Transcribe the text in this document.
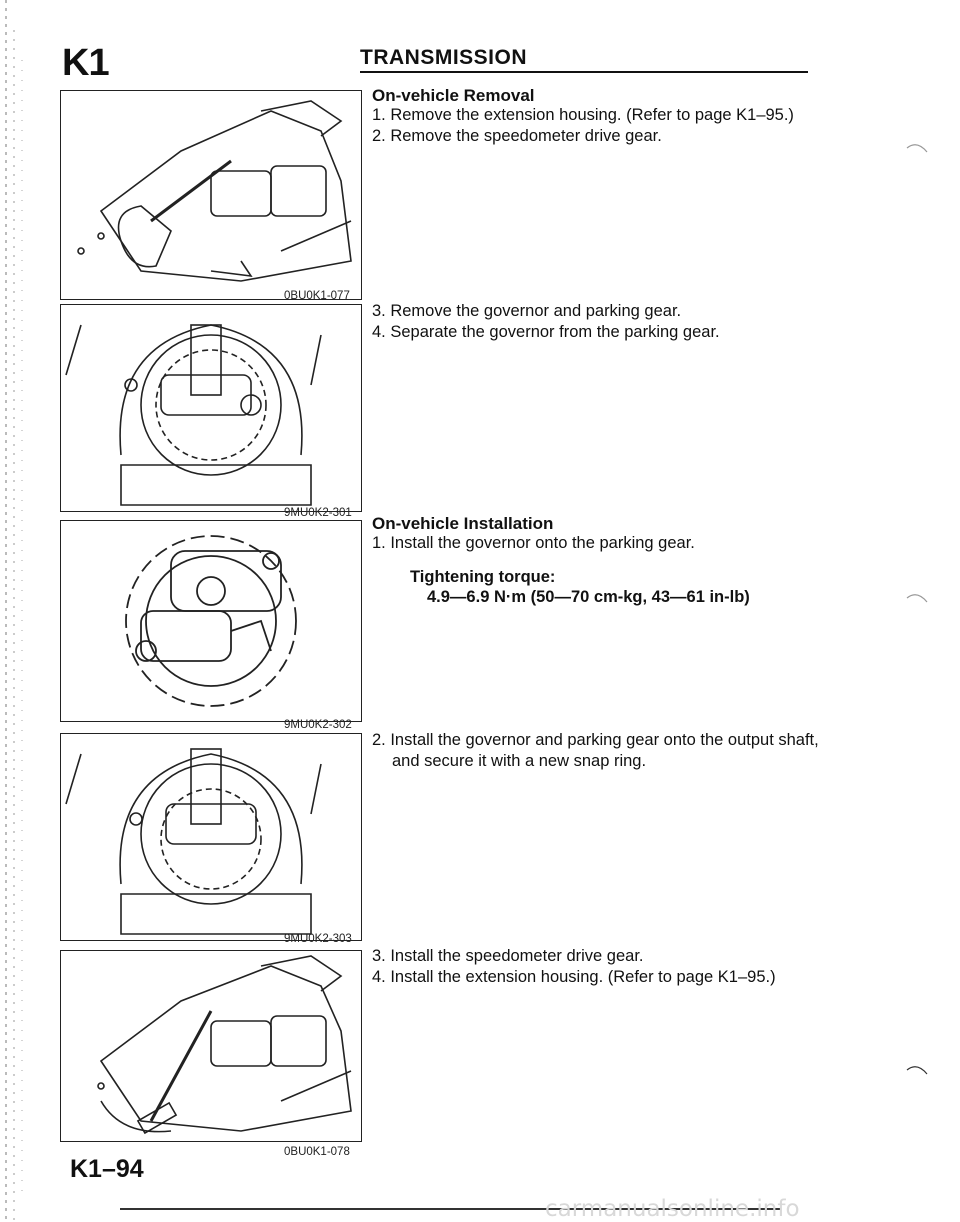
K1	TRANSMISSION
0BU0K1-077
9MU0K2-301
9MU0K2-302
9MU0K2-303
0BU0K1-078
On-vehicle Removal
1. Remove the extension housing. (Refer to page K1–95.)
2. Remove the speedometer drive gear.
3. Remove the governor and parking gear.
4. Separate the governor from the parking gear.
On-vehicle Installation
1. Install the governor onto the parking gear.
Tightening torque:
4.9—6.9 N·m (50—70 cm-kg, 43—61 in-lb)
2. Install the governor and parking gear onto the output shaft,
and secure it with a new snap ring.
3. Install the speedometer drive gear.
4. Install the extension housing. (Refer to page K1–95.)
K1–94
carmanualsonline.info
